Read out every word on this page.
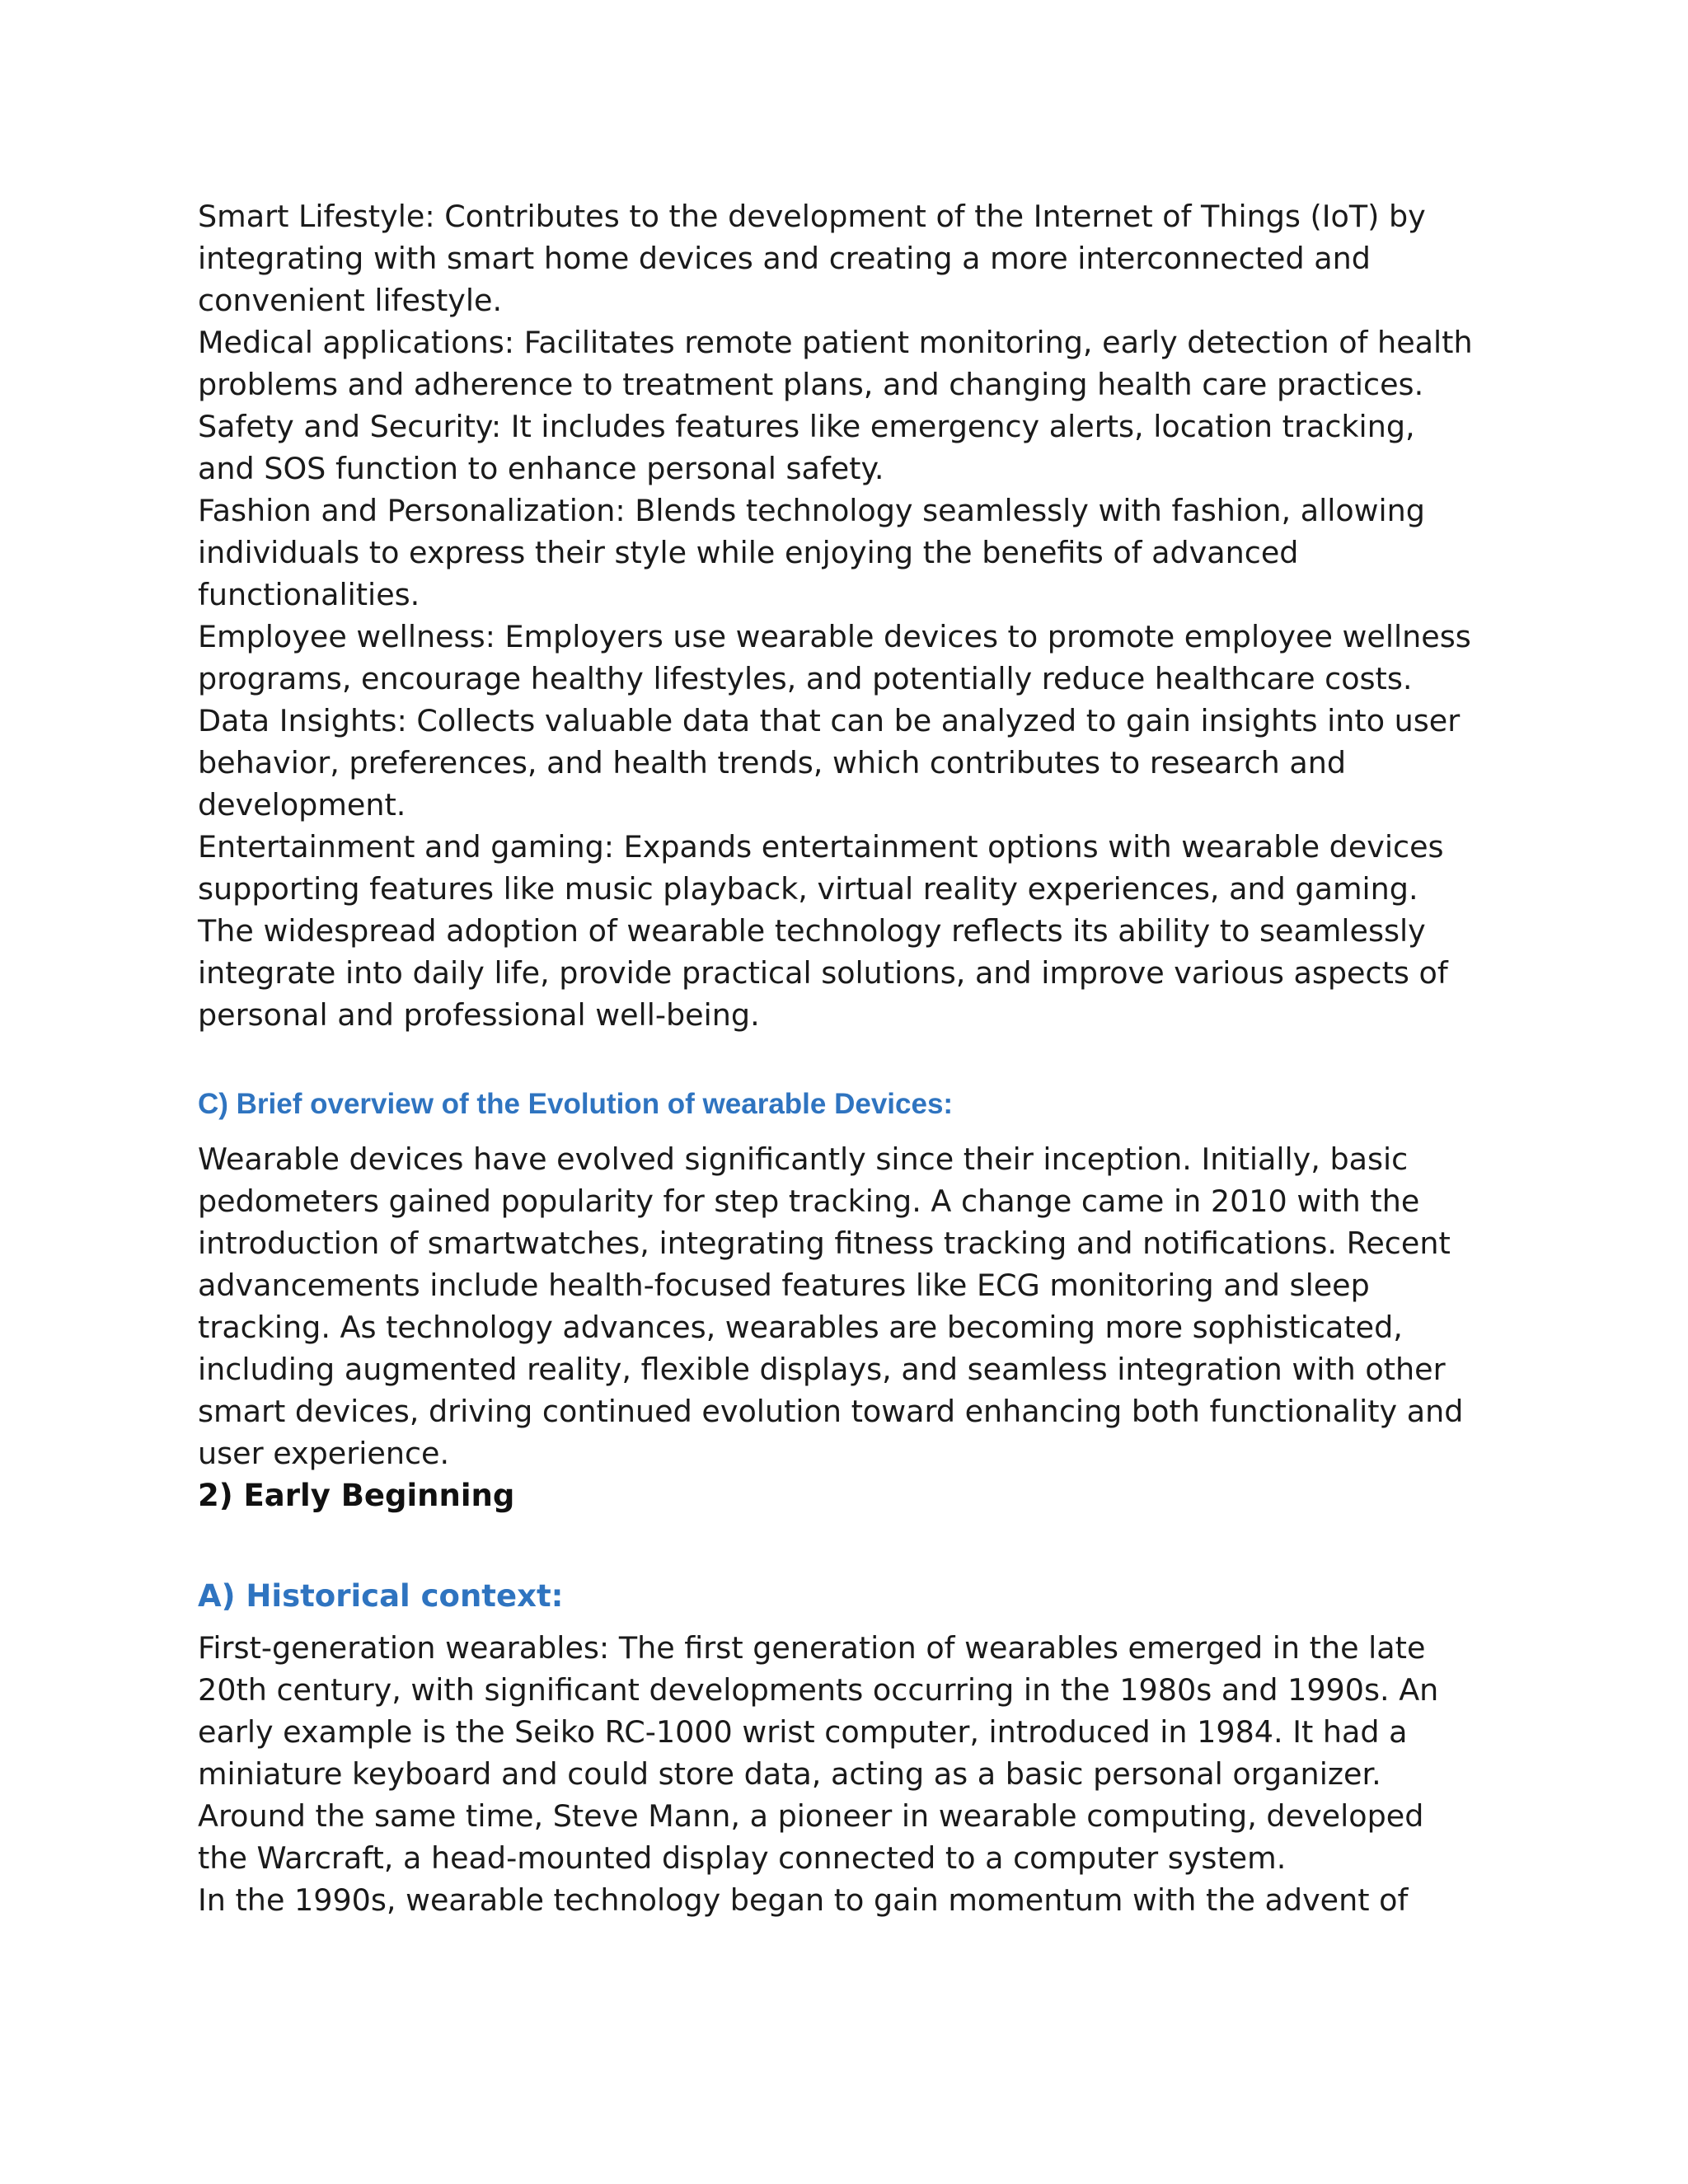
Smart Lifestyle: Contributes to the development of the Internet of Things (IoT) by
integrating with smart home devices and creating a more interconnected and
convenient lifestyle.
Medical applications: Facilitates remote patient monitoring, early detection of health
problems and adherence to treatment plans, and changing health care practices.
Safety and Security: It includes features like emergency alerts, location tracking,
and SOS function to enhance personal safety.
Fashion and Personalization: Blends technology seamlessly with fashion, allowing
individuals to express their style while enjoying the benefits of advanced
functionalities.
Employee wellness: Employers use wearable devices to promote employee wellness
programs, encourage healthy lifestyles, and potentially reduce healthcare costs.
Data Insights: Collects valuable data that can be analyzed to gain insights into user
behavior, preferences, and health trends, which contributes to research and
development.
Entertainment and gaming: Expands entertainment options with wearable devices
supporting features like music playback, virtual reality experiences, and gaming.
The widespread adoption of wearable technology reflects its ability to seamlessly
integrate into daily life, provide practical solutions, and improve various aspects of
personal and professional well-being.
C) Brief overview of the Evolution of wearable Devices:
Wearable devices have evolved significantly since their inception. Initially, basic
pedometers gained popularity for step tracking. A change came in 2010 with the
introduction of smartwatches, integrating fitness tracking and notifications. Recent
advancements include health-focused features like ECG monitoring and sleep
tracking. As technology advances, wearables are becoming more sophisticated,
including augmented reality, flexible displays, and seamless integration with other
smart devices, driving continued evolution toward enhancing both functionality and
user experience.
2) Early Beginning
A) Historical context:
First-generation wearables: The first generation of wearables emerged in the late
20th century, with significant developments occurring in the 1980s and 1990s. An
early example is the Seiko RC-1000 wrist computer, introduced in 1984. It had a
miniature keyboard and could store data, acting as a basic personal organizer.
Around the same time, Steve Mann, a pioneer in wearable computing, developed
the Warcraft, a head-mounted display connected to a computer system.
In the 1990s, wearable technology began to gain momentum with the advent of
